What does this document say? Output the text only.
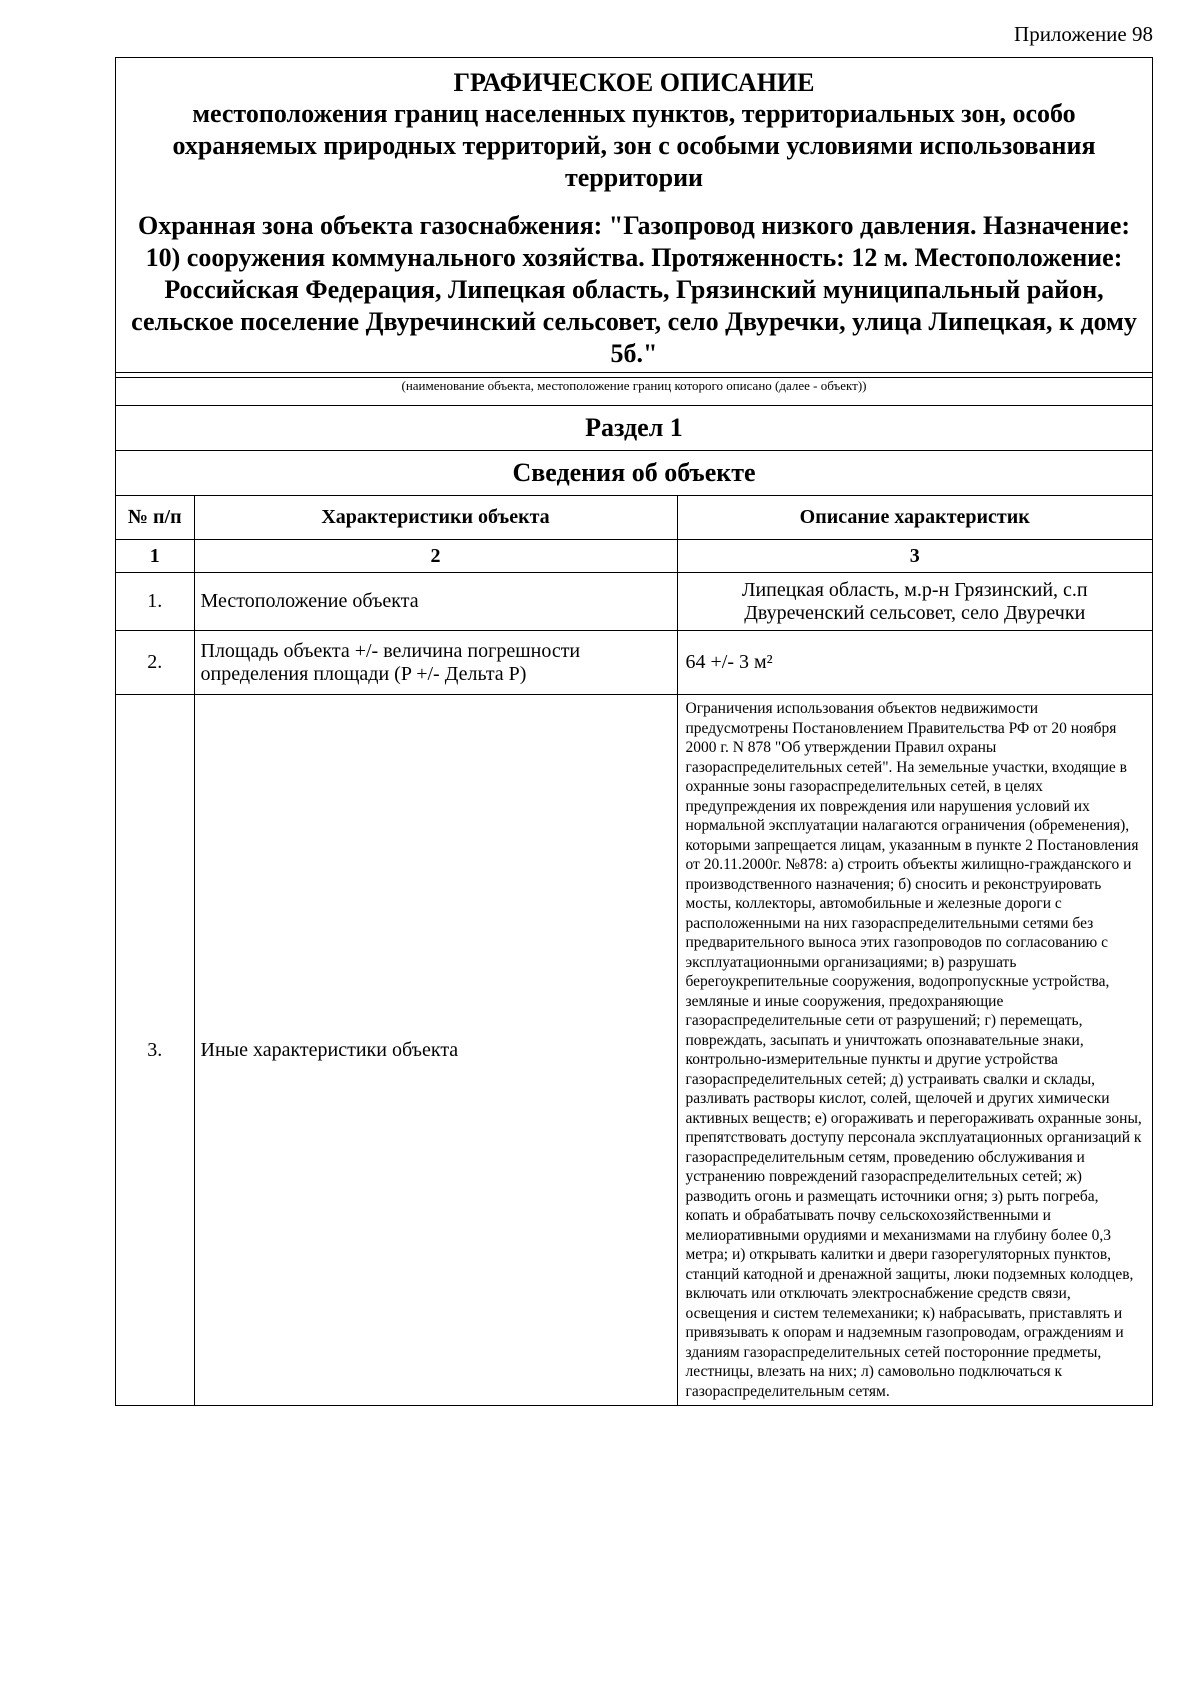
Приложение 98
ГРАФИЧЕСКОЕ ОПИСАНИЕ
местоположения границ населенных пунктов, территориальных зон, особо охраняемых природных территорий, зон с особыми условиями использования территории
Охранная зона объекта газоснабжения: "Газопровод низкого давления. Назначение: 10) сооружения коммунального хозяйства. Протяженность: 12 м. Местоположение: Российская Федерация, Липецкая область, Грязинский муниципальный район, сельское поселение Двуречинский сельсовет, село Двуречки, улица Липецкая, к дому 5б."
(наименование объекта, местоположение границ которого описано (далее - объект))
Раздел 1
Сведения об объекте
№ п/п	Характеристики объекта	Описание характеристик
1	2	3
1.	Местоположение объекта	Липецкая область, м.р-н Грязинский, с.п Двуреченский сельсовет, село Двуречки
2.	Площадь объекта +/- величина погрешности определения площади (P +/- Дельта P)	64 +/- 3 м²
3.	Иные характеристики объекта	Ограничения использования объектов недвижимости предусмотрены Постановлением Правительства РФ от 20 ноября 2000 г. N 878 "Об утверждении Правил охраны газораспределительных сетей". На земельные участки, входящие в охранные зоны газораспределительных сетей, в целях предупреждения их повреждения или нарушения условий их нормальной эксплуатации налагаются ограничения (обременения), которыми запрещается лицам, указанным в пункте 2 Постановления от 20.11.2000г. №878: а) строить объекты жилищно-гражданского и производственного назначения; б) сносить и реконструировать мосты, коллекторы, автомобильные и железные дороги с расположенными на них газораспределительными сетями без предварительного выноса этих газопроводов по согласованию с эксплуатационными организациями; в) разрушать берегоукрепительные сооружения, водопропускные устройства, земляные и иные сооружения, предохраняющие газораспределительные сети от разрушений; г) перемещать, повреждать, засыпать и уничтожать опознавательные знаки, контрольно-измерительные пункты и другие устройства газораспределительных сетей; д) устраивать свалки и склады, разливать растворы кислот, солей, щелочей и других химически активных веществ; е) огораживать и перегораживать охранные зоны, препятствовать доступу персонала эксплуатационных организаций к газораспределительным сетям, проведению обслуживания и устранению повреждений газораспределительных сетей; ж) разводить огонь и размещать источники огня; з) рыть погреба, копать и обрабатывать почву сельскохозяйственными и мелиоративными орудиями и механизмами на глубину более 0,3 метра; и) открывать калитки и двери газорегуляторных пунктов, станций катодной и дренажной защиты, люки подземных колодцев, включать или отключать электроснабжение средств связи, освещения и систем телемеханики; к) набрасывать, приставлять и привязывать к опорам и надземным газопроводам, ограждениям и зданиям газораспределительных сетей посторонние предметы, лестницы, влезать на них; л) самовольно подключаться к газораспределительным сетям.
